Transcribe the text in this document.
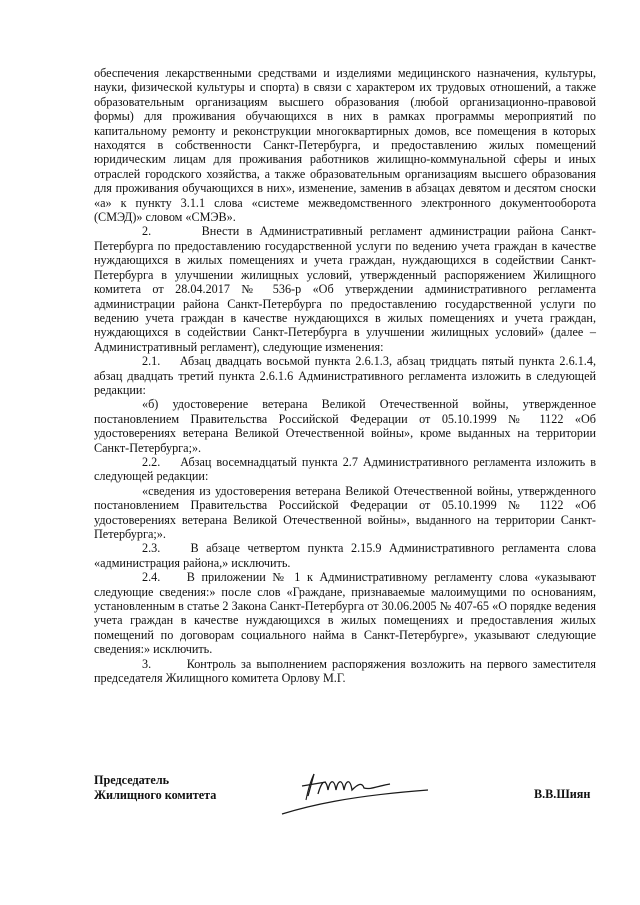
обеспечения лекарственными средствами и изделиями медицинского назначения, культуры, науки, физической культуры и спорта) в связи с характером их трудовых отношений, а также образовательным организациям высшего образования (любой организационно-правовой формы) для проживания обучающихся в них в рамках программы мероприятий по капитальному ремонту и реконструкции многоквартирных домов, все помещения в которых находятся в собственности Санкт-Петербурга, и предоставлению жилых помещений юридическим лицам для проживания работников жилищно-коммунальной сферы и иных отраслей городского хозяйства, а также образовательным организациям высшего образования для проживания обучающихся в них», изменение, заменив в абзацах девятом и десятом сноски «а» к пункту 3.1.1 слова «системе межведомственного электронного документооборота (СМЭД)» словом «СМЭВ».

2.       Внести в Административный регламент администрации района Санкт-Петербурга по предоставлению государственной услуги по ведению учета граждан в качестве нуждающихся в жилых помещениях и учета граждан, нуждающихся в содействии Санкт-Петербурга в улучшении жилищных условий, утвержденный распоряжением Жилищного комитета от 28.04.2017 № 536-р «Об утверждении административного регламента администрации района Санкт-Петербурга по предоставлению государственной услуги по ведению учета граждан в качестве нуждающихся в жилых помещениях и учета граждан, нуждающихся в содействии Санкт-Петербурга в улучшении жилищных условий» (далее – Административный регламент), следующие изменения:

2.1.    Абзац двадцать восьмой пункта 2.6.1.3, абзац тридцать пятый пункта 2.6.1.4, абзац двадцать третий пункта 2.6.1.6 Административного регламента изложить в следующей редакции:

«б) удостоверение ветерана Великой Отечественной войны, утвержденное постановлением Правительства Российской Федерации от 05.10.1999 № 1122 «Об удостоверениях ветерана Великой Отечественной войны», кроме выданных на территории Санкт-Петербурга;».

2.2.    Абзац восемнадцатый пункта 2.7 Административного регламента изложить в следующей редакции:

«сведения из удостоверения ветерана Великой Отечественной войны, утвержденного постановлением Правительства Российской Федерации от 05.10.1999 № 1122 «Об удостоверениях ветерана Великой Отечественной войны», выданного на территории Санкт-Петербурга;».

2.3.    В абзаце четвертом пункта 2.15.9 Административного регламента слова «администрация района,» исключить.

2.4.    В приложении № 1 к Административному регламенту слова «указывают следующие сведения:» после слов «Граждане, признаваемые малоимущими по основаниям, установленным в статье 2 Закона Санкт-Петербурга от 30.06.2005 № 407-65 «О порядке ведения учета граждан в качестве нуждающихся в жилых помещениях и предоставления жилых помещений по договорам социального найма в Санкт-Петербурге», указывают следующие сведения:» исключить.

3.       Контроль за выполнением распоряжения возложить на первого заместителя председателя Жилищного комитета Орлову М.Г.

Председатель
Жилищного комитета	В.В.Шиян
